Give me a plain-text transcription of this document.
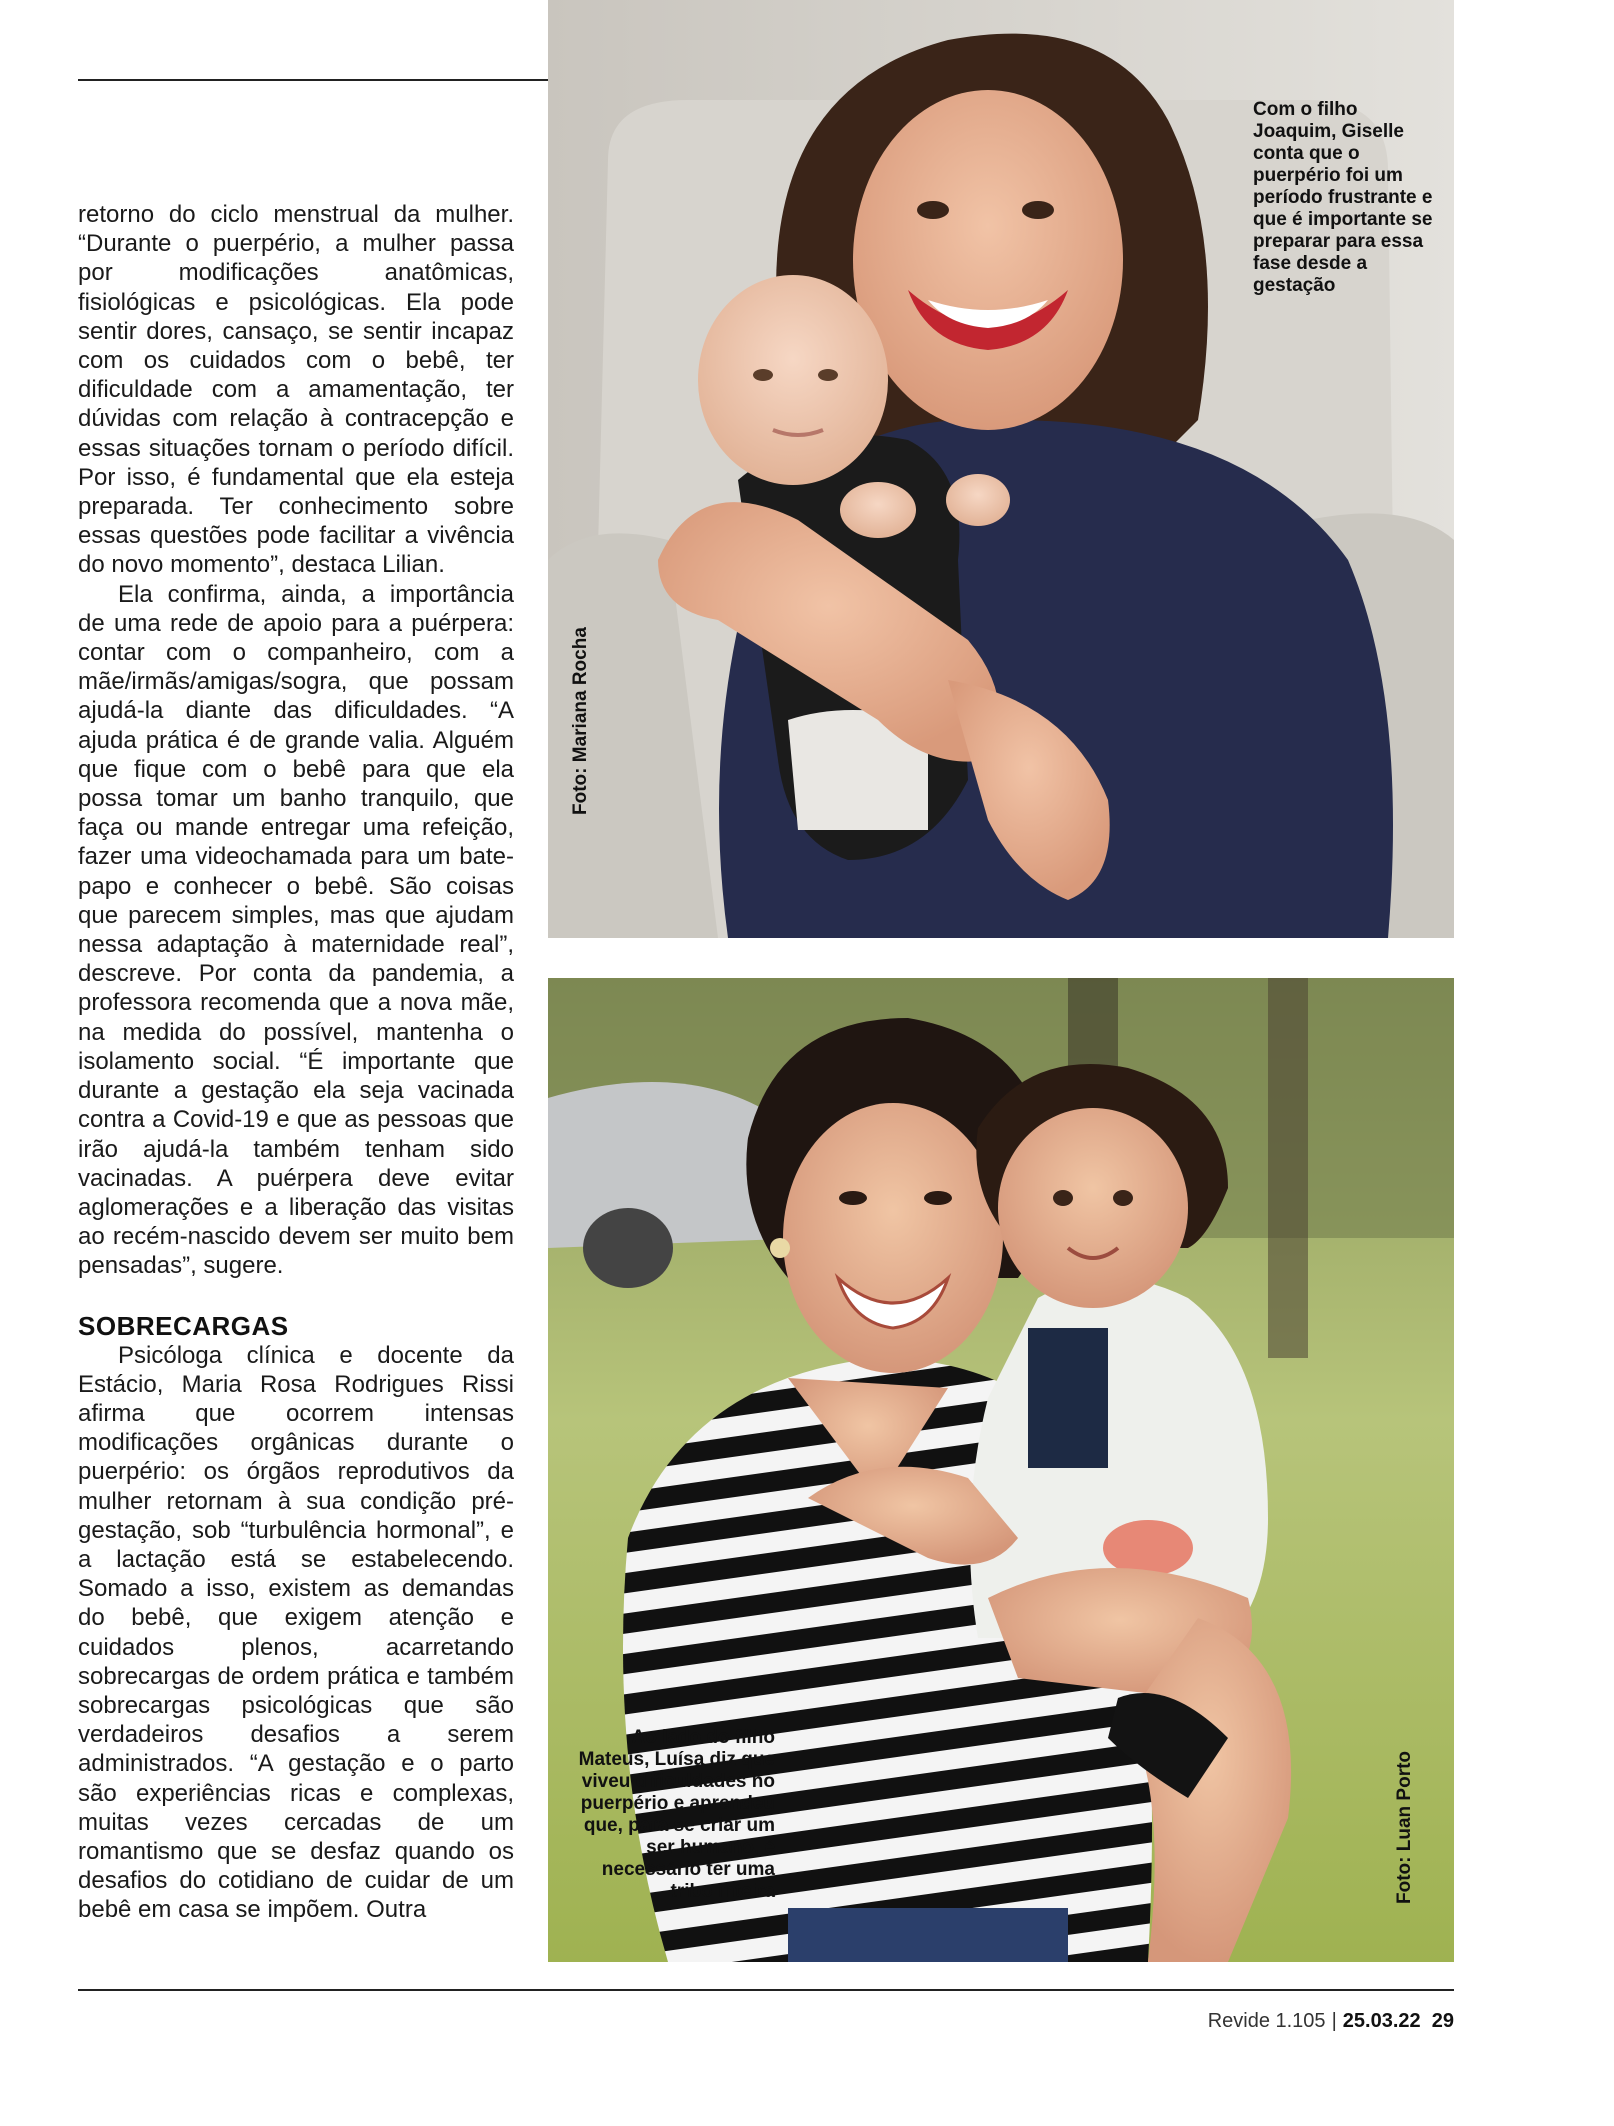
retorno do ciclo menstrual da mulher. “Durante o puerpério, a mulher passa por modificações anatômicas, fisiológicas e psicológicas. Ela pode sentir dores, cansaço, se sentir incapaz com os cuidados com o bebê, ter dificuldade com a amamentação, ter dúvidas com relação à contracepção e essas situações tornam o período difícil. Por isso, é fundamental que ela esteja preparada. Ter conhecimento sobre essas questões pode facilitar a vivência do novo momento”, destaca Lilian.

Ela confirma, ainda, a importância de uma rede de apoio para a puérpera: contar com o companheiro, com a mãe/irmãs/amigas/sogra, que possam ajudá-la diante das dificuldades. “A ajuda prática é de grande valia. Alguém que fique com o bebê para que ela possa tomar um banho tranquilo, que faça ou mande entregar uma refeição, fazer uma videochamada para um bate-papo e conhecer o bebê. São coisas que parecem simples, mas que ajudam nessa adaptação à maternidade real”, descreve. Por conta da pandemia, a professora recomenda que a nova mãe, na medida do possível, mantenha o isolamento social. “É importante que durante a gestação ela seja vacinada contra a Covid-19 e que as pessoas que irão ajudá-la também tenham sido vacinadas. A puérpera deve evitar aglomerações e a liberação das visitas ao recém-nascido devem ser muito bem pensadas”, sugere.

SOBRECARGAS

Psicóloga clínica e docente da Estácio, Maria Rosa Rodrigues Rissi afirma que ocorrem intensas modificações orgânicas durante o puerpério: os órgãos reprodutivos da mulher retornam à sua condição pré-gestação, sob “turbulência hormonal”, e a lactação está se estabelecendo. Somado a isso, existem as demandas do bebê, que exigem atenção e cuidados plenos, acarretando sobrecargas de ordem prática e também sobrecargas psicológicas que são verdadeiros desafios a serem administrados. “A gestação e o parto são experiências ricas e complexas, muitas vezes cercadas de um romantismo que se desfaz quando os desafios do cotidiano de cuidar de um bebê em casa se impõem. Outra

Com o filho Joaquim, Giselle conta que o puerpério foi um período frustrante e que é importante se preparar para essa fase desde a gestação
Foto: Mariana Rocha
Ao lado do filho Mateus, Luísa diz que viveu dificuldades no puerpério e aprendeu que, para se criar um ser humano, é necessário ter uma tribo inteira	Foto: Luan Porto
Revide 1.105 | 25.03.22 29
